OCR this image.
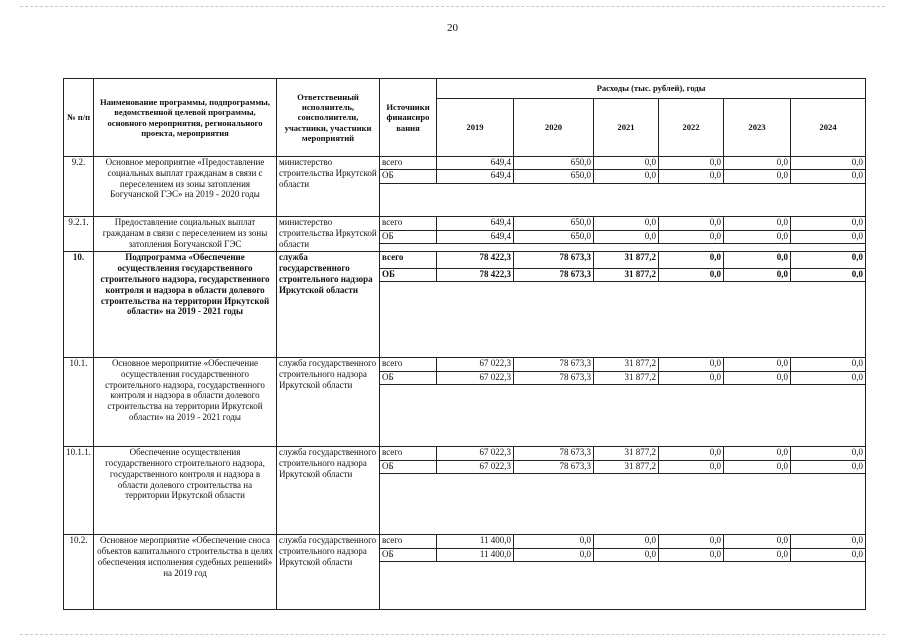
20
№ п/п	Наименование программы, подпрограммы, ведомственной целевой программы, основного мероприятия, регионального проекта, мероприятия	Ответственный исполнитель, соисполнители, участники, участники мероприятий	Источники финансиро вания	Расходы (тыс. рублей), годы					
				2019	2020	2021	2022	2023	2024
9.2.	Основное мероприятие «Предоставление социальных выплат гражданам в связи с переселением из зоны затопления Богучанской ГЭС» на 2019 - 2020 годы	министерство строительства Иркутской области	всего	649,4	650,0	0,0	0,0	0,0	0,0
			ОБ	649,4	650,0	0,0	0,0	0,0	0,0

9.2.1.	Предоставление социальных выплат гражданам в связи с переселением из зоны затопления Богучанской ГЭС	министерство строительства Иркутской области	всего	649,4	650,0	0,0	0,0	0,0	0,0
			ОБ	649,4	650,0	0,0	0,0	0,0	0,0

10.	Подпрограмма «Обеспечение осуществления государственного строительного надзора, государственного контроля и надзора в области долевого строительства на территории Иркутской области» на 2019 - 2021 годы	служба государственного строительного надзора Иркутской области	всего	78 422,3	78 673,3	31 877,2	0,0	0,0	0,0
			ОБ	78 422,3	78 673,3	31 877,2	0,0	0,0	0,0

10.1.	Основное мероприятие «Обеспечение осуществления государственного строительного надзора, государственного контроля и надзора в области долевого строительства на территории Иркутской области» на 2019 - 2021 годы	служба государственного строительного надзора Иркутской области	всего	67 022,3	78 673,3	31 877,2	0,0	0,0	0,0
			ОБ	67 022,3	78 673,3	31 877,2	0,0	0,0	0,0

10.1.1.	Обеспечение осуществления государственного строительного надзора, государственного контроля и надзора в области долевого строительства на территории Иркутской области	служба государственного строительного надзора Иркутской области	всего	67 022,3	78 673,3	31 877,2	0,0	0,0	0,0
			ОБ	67 022,3	78 673,3	31 877,2	0,0	0,0	0,0

10.2.	Основное мероприятие «Обеспечение сноса объектов капитального строительства в целях обеспечения исполнения судебных решений» на 2019 год	служба государственного строительного надзора Иркутской области	всего	11 400,0	0,0	0,0	0,0	0,0	0,0
			ОБ	11 400,0	0,0	0,0	0,0	0,0	0,0
